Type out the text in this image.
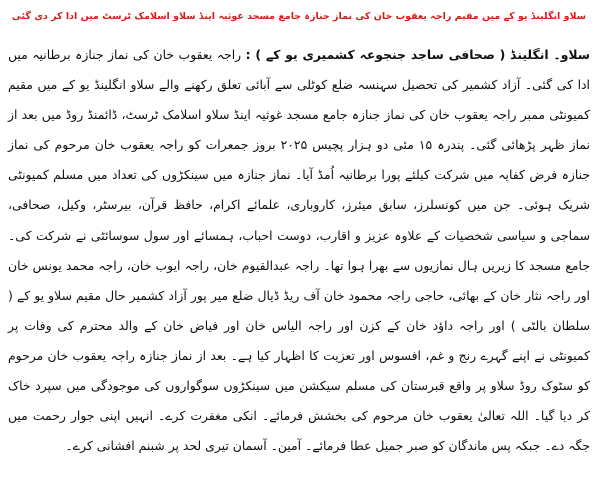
سلاو انگلینڈ یو کے میں مقیم راجہ یعقوب خان کی نماز جنازہ جامع مسجد غوثیہ اینڈ سلاو اسلامک ٹرسٹ میں ادا کر دی گئی

سلاو۔ انگلینڈ ( صحافی ساجد جنجوعہ کشمیری یو کے ) : راجہ یعقوب خان کی نماز جنازہ برطانیہ میں ادا کی گئی۔ آزاد کشمیر کی تحصیل سہنسہ ضلع کوٹلی سے آبائی تعلق رکھنے والے سلاو انگلینڈ یو کے میں مقیم کمیونٹی ممبر راجہ یعقوب خان کی نماز جنازہ جامع مسجد غوثیہ اینڈ سلاو اسلامک ٹرسٹ، ڈائمنڈ روڈ میں بعد از نماز ظہر پڑھائی گئی۔ پندرہ ۱۵ مئی دو ہزار پچیس ۲۰۲۵ بروز جمعرات کو راجہ یعقوب خان مرحوم کی نماز جنازہ فرض کفایہ میں شرکت کیلئے پورا برطانیہ اُمڈ آیا۔ نماز جنازہ میں سینکڑوں کی تعداد میں مسلم کمیونٹی شریک ہوئی۔ جن میں کونسلرز، سابق میئرز، کاروباری، علمائے اکرام، حافظ قرآن، بیرسٹر، وکیل، صحافی، سماجی و سیاسی شخصیات کے علاوہ عزیز و اقارب، دوست احباب، ہمسائے اور سول سوسائٹی نے شرکت کی۔ جامع مسجد کا زیریں ہال نمازیوں سے بھرا ہوا تھا۔ راجہ عبدالقیوم خان، راجہ ایوب خان، راجہ محمد یونس خان اور راجہ نثار خان کے بھائی، حاجی راجہ محمود خان آف ریڈ ڈیال ضلع میر پور آزاد کشمیر حال مقیم سلاو یو کے ( سلطان بالٹی ) اور راجہ داؤد خان کے کزن اور راجہ الیاس خان اور فیاض خان کے والد محترم کی وفات پر کمیونٹی نے اپنے گہرے رنج و غم، افسوس اور تعزیت کا اظہار کیا ہے۔ بعد از نماز جنازہ راجہ یعقوب خان مرحوم کو سٹوک روڈ سلاو پر واقع قبرستان کی مسلم سیکشن میں سینکڑوں سوگواروں کی موجودگی میں سپرد خاک کر دیا گیا۔ اللہ تعالیٰ یعقوب خان مرحوم کی بخشش فرمائے۔ انکی مغفرت کرے۔ انہیں اپنی جوار رحمت میں جگہ دے۔ جبکہ پس ماندگان کو صبر جمیل عطا فرمائے۔ آمین۔ آسمان تیری لحد پر شبنم افشانی کرے۔
